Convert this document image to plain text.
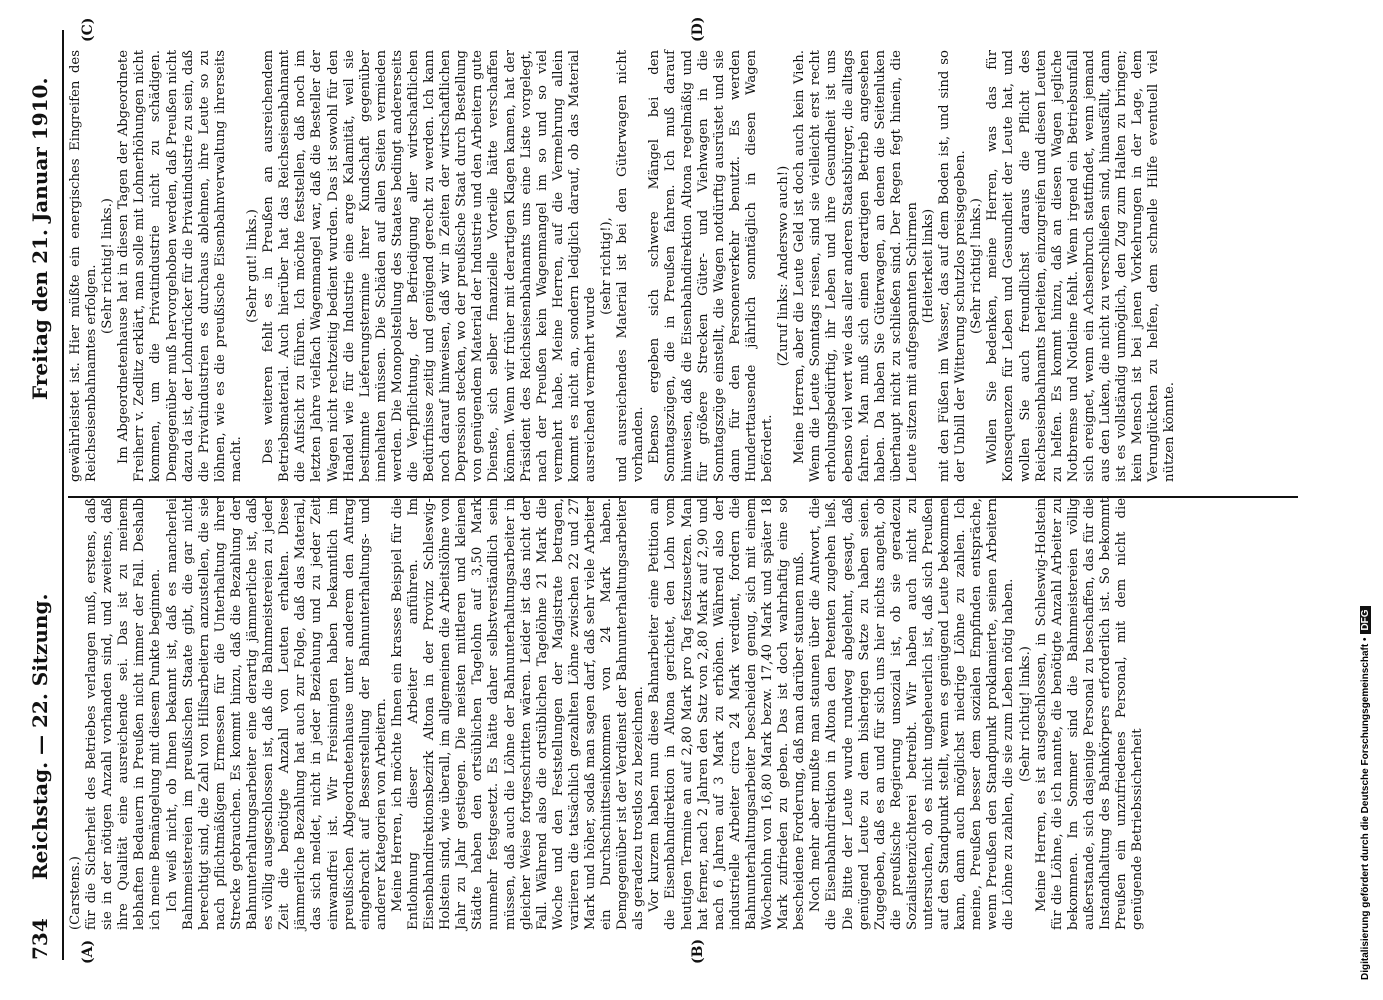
734
Reichstag. — 22. Sitzung.
Freitag den 21. Januar 1910.
(A)	(B)
(C)	(D)

(Carstens.) für die Sicherheit des Betriebes verlangen muß, erstens, daß sie in der nötigen Anzahl vorhanden sind, und zweitens, daß ihre Qualität eine ausreichende sei. Das ist zu meinem lebhaften Bedauern in Preußen nicht immer der Fall. Deshalb ich meine Bemängelung mit diesem Punkte beginnen. Ich weiß nicht, ob Ihnen bekannt ist, daß es mancherlei Bahnmeistereien im preußischen Staate gibt, die gar nicht berechtigt sind, die Zahl von Hilfsarbeitern anzustellen, die sie nach pflichtmäßigem Ermessen für die Unterhaltung ihrer Strecke gebrauchen. Es kommt hinzu, daß die Bezahlung der Bahnunterhaltungsarbeiter eine derartig jämmerliche ist, daß es völlig ausgeschlossen ist, daß die Bahnmeistereien zu jeder Zeit die benötigte Anzahl von Leuten erhalten. Diese jämmerliche Bezahlung hat auch zur Folge, daß das Material, das sich meldet, nicht in jeder Beziehung und zu jeder Zeit einwandfrei ist. Wir Freisinnigen haben bekanntlich im preußischen Abgeordnetenhause unter anderem den Antrag eingebracht auf Besserstellung der Bahnunterhaltungs- und anderer Kategorien von Arbeitern. Meine Herren, ich möchte Ihnen ein krasses Beispiel für die Entlohnung dieser Arbeiter anführen. Im Eisenbahndirektionsbezirk Altona in der Provinz Schleswig-Holstein sind, wie überall, im allgemeinen die Arbeitslöhne von Jahr zu Jahr gestiegen. Die meisten mittleren und kleinen Städte haben den ortsüblichen Tagelohn auf 3,50 Mark nunmehr festgesetzt. Es hätte daher selbstverständlich sein müssen, daß auch die Löhne der Bahnunterhaltungsarbeiter in gleicher Weise fortgeschritten wären. Leider ist das nicht der Fall. Während also die ortsüblichen Tagelöhne 21 Mark die Woche und den Feststellungen der Magistrate betragen, variieren die tatsächlich gezahlten Löhne zwischen 22 und 27 Mark und höher, sodaß man sagen darf, daß sehr viele Arbeiter ein Durchschnittseinkommen von 24 Mark haben. Demgegenüber ist der Verdienst der Bahnunterhaltungsarbeiter als geradezu trostlos zu bezeichnen. Vor kurzem haben nun diese Bahnarbeiter eine Petition an die Eisenbahndirektion in Altona gerichtet, den Lohn vom heutigen Termine an auf 2,80 Mark pro Tag festzusetzen. Man hat ferner, nach 2 Jahren den Satz von 2,80 Mark auf 2,90 und nach 6 Jahren auf 3 Mark zu erhöhen. Während also der industrielle Arbeiter circa 24 Mark verdient, fordern die Bahnunterhaltungsarbeiter bescheiden genug, sich mit einem Wochenlohn von 16,80 Mark bezw. 17,40 Mark und später 18 Mark zufrieden zu geben. Das ist doch wahrhaftig eine so bescheidene Forderung, daß man darüber staunen muß. Noch mehr aber mußte man staunen über die Antwort, die die Eisenbahndirektion in Altona den Petenten zugehen ließ. Die Bitte der Leute wurde rundweg abgelehnt, gesagt, daß genügend Leute zu dem bisherigen Satze zu haben seien. Zugegeben, daß es an und für sich uns hier nichts angeht, ob die preußische Regierung unsozial ist, ob sie geradezu Sozialistenzüchterei betreibt. Wir haben auch nicht zu untersuchen, ob es nicht ungeheuerlich ist, daß sich Preußen auf den Standpunkt stellt, wenn es genügend Leute bekommen kann, dann auch möglichst niedrige Löhne zu zahlen. Ich meine, Preußen besser dem sozialen Empfinden entspräche, wenn Preußen den Standpunkt proklamierte, seinen Arbeitern die Löhne zu zahlen, die sie zum Leben nötig haben. (Sehr richtig! links.) Meine Herren, es ist ausgeschlossen, in Schleswig-Holstein für die Löhne, die ich nannte, die benötigte Anzahl Arbeiter zu bekommen. Im Sommer sind die Bahnmeistereien völlig außerstande, sich dasjenige Personal zu beschaffen, das für die Instandhaltung des Bahnkörpers erforderlich ist. So bekommt Preußen ein unzufriedenes Personal, mit dem nicht die genügende Betriebssicherheit

gewährleistet ist. Hier müßte ein energisches Eingreifen des Reichseisenbahnamtes erfolgen. (Sehr richtig! links.) Im Abgeordnetenhause hat in diesen Tagen der Abgeordnete Freiherr v. Zedlitz erklärt, man solle mit Lohnerhöhungen nicht kommen, um die Privatindustrie nicht zu schädigen. Demgegenüber muß hervorgehoben werden, daß Preußen nicht dazu da ist, der Lohndrücker für die Privatindustrie zu sein, daß die Privatindustrien es durchaus ablehnen, ihre Leute so zu löhnen, wie es die preußische Eisenbahnverwaltung ihrerseits macht.

(Sehr gut! links.) Des weiteren fehlt es in Preußen an ausreichendem Betriebsmaterial. Auch hierüber hat das Reichseisenbahnamt die Aufsicht zu führen. Ich möchte feststellen, daß noch im letzten Jahre vielfach Wagenmangel war, daß die Besteller der Wagen nicht rechtzeitig bedient wurden. Das ist sowohl für den Handel wie für die Industrie eine arge Kalamität, weil sie bestimmte Lieferungstermine ihrer Kundschaft gegenüber innehalten müssen. Die Schäden auf allen Seiten vermieden werden. Die Monopolstellung des Staates bedingt andererseits die Verpflichtung, der Befriedigung aller wirtschaftlichen Bedürfnisse zeitig und genügend gerecht zu werden. Ich kann noch darauf hinweisen, daß wir in Zeiten der wirtschaftlichen Depression stecken, wo der preußische Staat durch Bestellung von genügendem Material der Industrie und den Arbeitern gute Dienste, sich selber finanzielle Vorteile hätte verschaffen können. Wenn wir früher mit derartigen Klagen kamen, hat der Präsident des Reichseisenbahnamts uns eine Liste vorgelegt, nach der Preußen kein Wagenmangel im so und so viel vermehrt habe. Meine Herren, auf die Vermehrung allein kommt es nicht an, sondern lediglich darauf, ob das Material ausreichend vermehrt wurde

(sehr richtig!), und ausreichendes Material ist bei den Güterwagen nicht vorhanden. Ebenso ergeben sich schwere Mängel bei den Sonntagszügen, die in Preußen fahren. Ich muß darauf hinweisen, daß die Eisenbahndirektion Altona regelmäßig und für größere Strecken Güter- und Viehwagen in die Sonntagszüge einstellt, die Wagen notdürftig ausrüstet und sie dann für den Personenverkehr benutzt. Es werden Hunderttausende jährlich sonntäglich in diesen Wagen befördert.

(Zuruf links: Anderswo auch!) Meine Herren, aber die Leute Geld ist doch auch kein Vieh. Wenn die Leute Sonntags reisen, sind sie vielleicht erst recht erholungsbedürftig, ihr Leben und ihre Gesundheit ist uns ebenso viel wert wie das aller anderen Staatsbürger, die alltags fahren. Man muß sich einen derartigen Betrieb angesehen haben. Da haben Sie Güterwagen, an denen die Seitenluken überhaupt nicht zu schließen sind. Der Regen fegt hinein, die Leute sitzen mit aufgespannten Schirmen (Heiterkeit links) mit den Füßen im Wasser, das auf dem Boden ist, und sind so der Unbill der Witterung schutzlos preisgegeben. (Sehr richtig! links.) Wollen Sie bedenken, meine Herren, was das für Konsequenzen für Leben und Gesundheit der Leute hat, und wollen Sie auch freundlichst daraus die Pflicht des Reichseisenbahnamts herleiten, einzugreifen und diesen Leuten zu helfen. Es kommt hinzu, daß an diesen Wagen jegliche Notbremse und Notleine fehlt. Wenn irgend ein Betriebsunfall sich ereignet, wenn ein Achsenbruch stattfindet, wenn jemand aus den Luken, die nicht zu verschließen sind, hinausfällt, dann ist es vollständig unmöglich, den Zug zum Halten zu bringen; kein Mensch ist bei jenen Vorkehrungen in der Lage, dem Verunglückten zu helfen, dem schnelle Hilfe eventuell viel nützen könnte.

Digitalisierung gefördert durch die Deutsche Forschungsgemeinschaft •DFG
